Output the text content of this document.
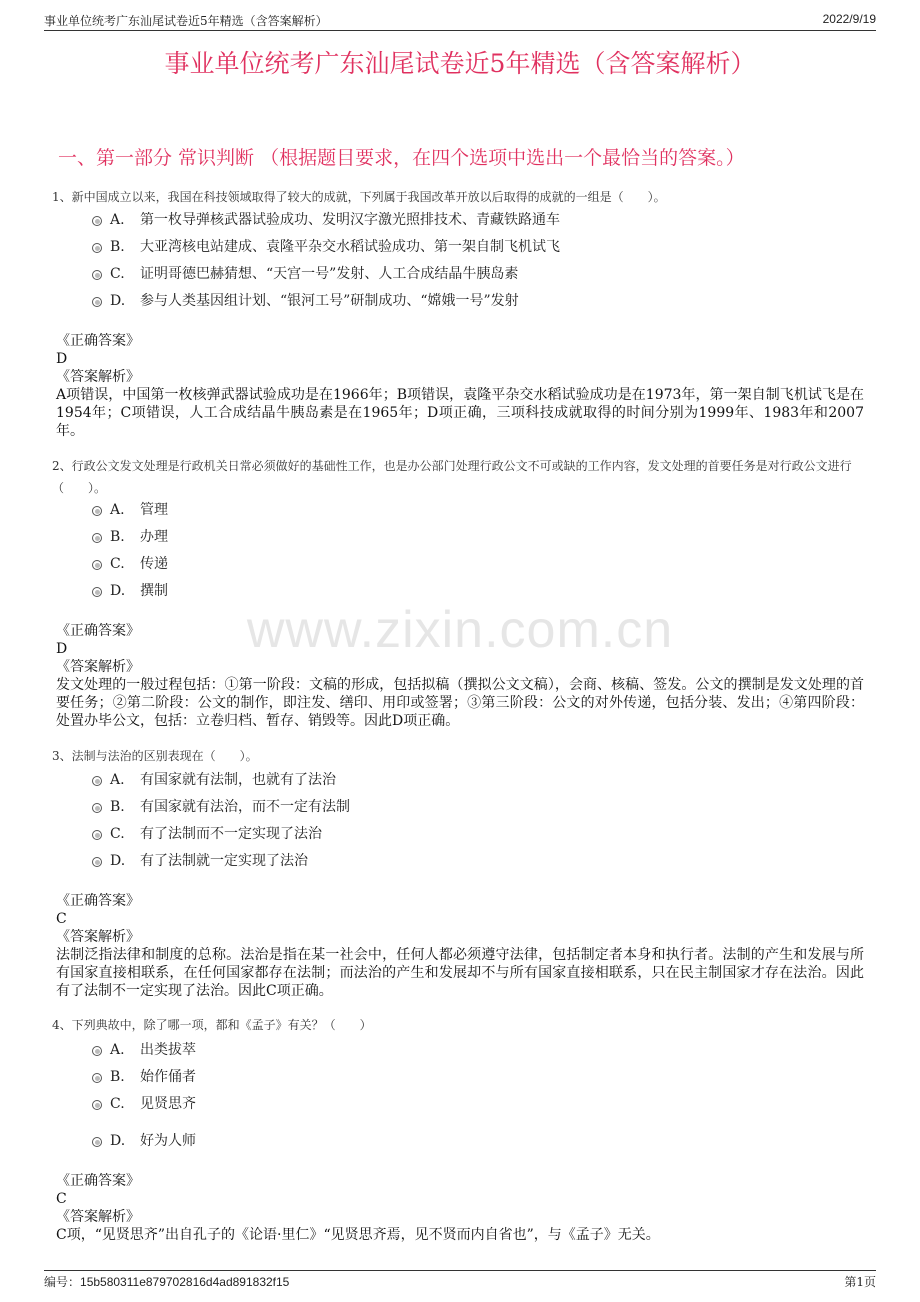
事业单位统考广东汕尾试卷近5年精选（含答案解析）	2022/9/19
事业单位统考广东汕尾试卷近5年精选（含答案解析）
一、第一部分 常识判断 （根据题目要求，在四个选项中选出一个最恰当的答案。）
www.zixin.com.cn
1、新中国成立以来，我国在科技领域取得了较大的成就，下列属于我国改革开放以后取得的成就的一组是（　　）。
A. 第一枚导弹核武器试验成功、发明汉字激光照排技术、青藏铁路通车
B. 大亚湾核电站建成、袁隆平杂交水稻试验成功、第一架自制飞机试飞
C. 证明哥德巴赫猜想、“天宫一号”发射、人工合成结晶牛胰岛素
D. 参与人类基因组计划、“银河工号”研制成功、“嫦娥一号”发射
《正确答案》
D
《答案解析》
A项错误，中国第一枚核弹武器试验成功是在1966年；B项错误，袁隆平杂交水稻试验成功是在1973年，第一架自制飞机试飞是在1954年；C项错误，人工合成结晶牛胰岛素是在1965年；D项正确，三项科技成就取得的时间分别为1999年、1983年和2007年。
2、行政公文发文处理是行政机关日常必须做好的基础性工作，也是办公部门处理行政公文不可或缺的工作内容，发文处理的首要任务是对行政公文进行（　　）。
A. 管理
B. 办理
C. 传递
D. 撰制
《正确答案》
D
《答案解析》
发文处理的一般过程包括：①第一阶段：文稿的形成，包括拟稿（撰拟公文文稿），会商、核稿、签发。公文的撰制是发文处理的首要任务；②第二阶段：公文的制作，即注发、缮印、用印或签署；③第三阶段：公文的对外传递，包括分装、发出；④第四阶段：处置办毕公文，包括：立卷归档、暂存、销毁等。因此D项正确。
3、法制与法治的区别表现在（　　）。
A. 有国家就有法制，也就有了法治
B. 有国家就有法治，而不一定有法制
C. 有了法制而不一定实现了法治
D. 有了法制就一定实现了法治
《正确答案》
C
《答案解析》
法制泛指法律和制度的总称。法治是指在某一社会中，任何人都必须遵守法律，包括制定者本身和执行者。法制的产生和发展与所有国家直接相联系，在任何国家都存在法制；而法治的产生和发展却不与所有国家直接相联系，只在民主制国家才存在法治。因此有了法制不一定实现了法治。因此C项正确。
4、下列典故中，除了哪一项，都和《孟子》有关？（　　）
A. 出类拔萃
B. 始作俑者
C. 见贤思齐
D. 好为人师
《正确答案》
C
《答案解析》
C项，“见贤思齐”出自孔子的《论语·里仁》“见贤思齐焉，见不贤而内自省也”，与《孟子》无关。
编号：15b580311e879702816d4ad891832f15	第1页
